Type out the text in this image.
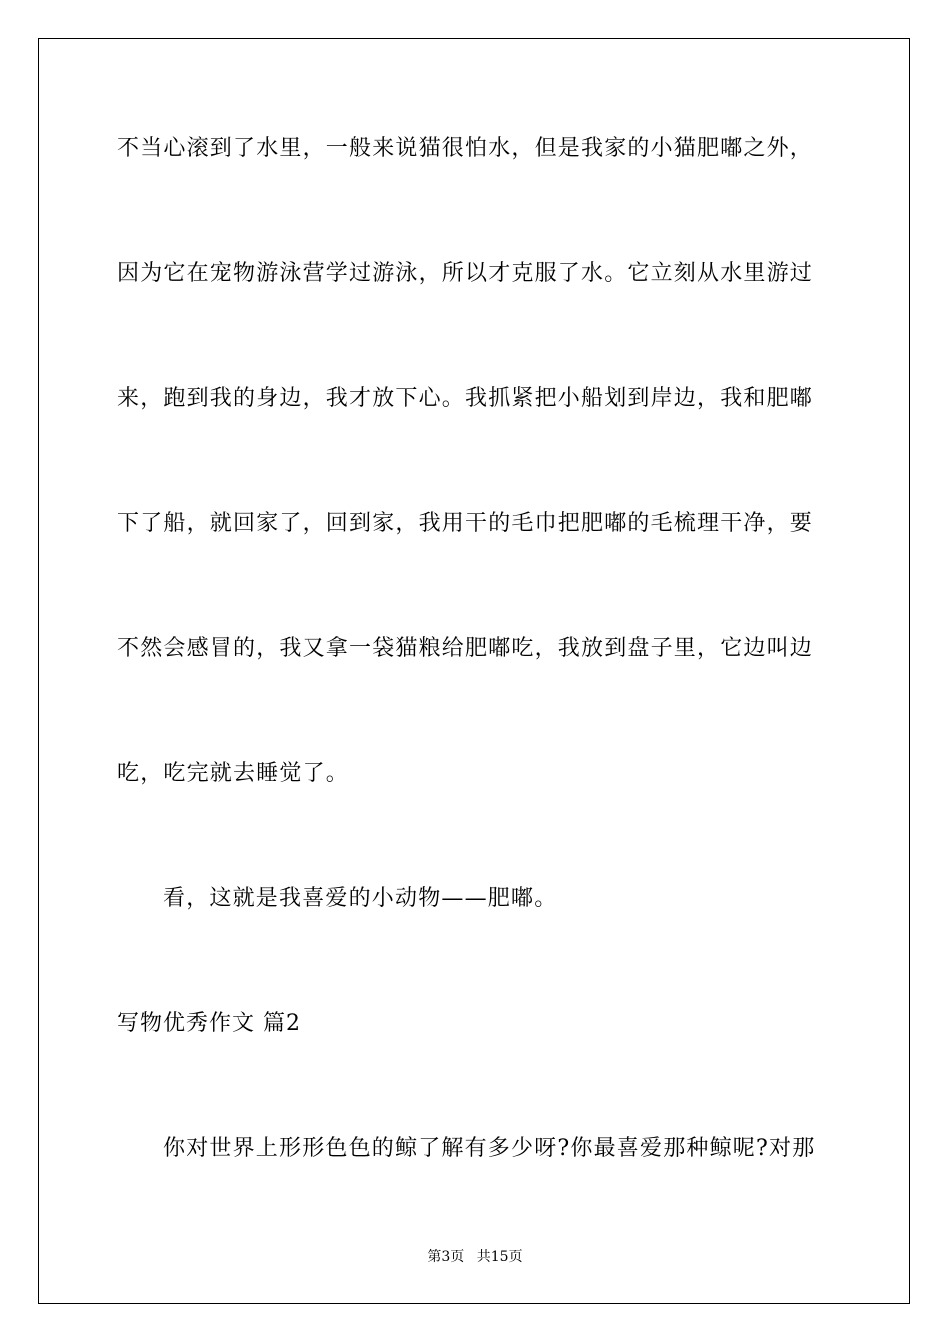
不当心滚到了水里，一般来说猫很怕水，但是我家的小猫肥嘟之外，
因为它在宠物游泳营学过游泳，所以才克服了水。它立刻从水里游过
来，跑到我的身边，我才放下心。我抓紧把小船划到岸边，我和肥嘟
下了船，就回家了，回到家，我用干的毛巾把肥嘟的毛梳理干净，要
不然会感冒的，我又拿一袋猫粮给肥嘟吃，我放到盘子里，它边叫边
吃，吃完就去睡觉了。
看，这就是我喜爱的小动物——肥嘟。
写物优秀作文 篇2
你对世界上形形色色的鲸了解有多少呀?你最喜爱那种鲸呢?对那
第3页 共15页
